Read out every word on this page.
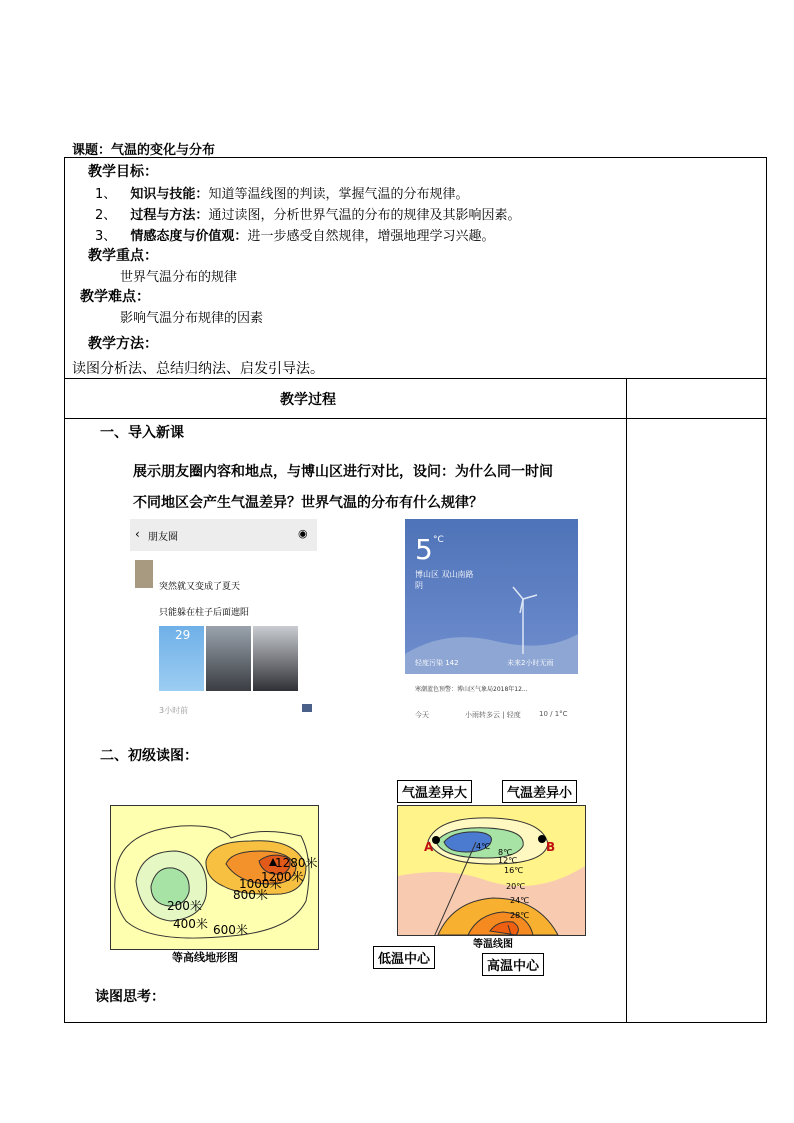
课题：气温的变化与分布
教学目标：
1、 知识与技能：知道等温线图的判读，掌握气温的分布规律。
2、 过程与方法：通过读图，分析世界气温的分布的规律及其影响因素。
3、 情感态度与价值观：进一步感受自然规律，增强地理学习兴趣。
教学重点：
世界气温分布的规律
教学难点：
影响气温分布规律的因素
教学方法：
读图分析法、总结归纳法、启发引导法。
教学过程
一、导入新课
展示朋友圈内容和地点，与博山区进行对比，设问：为什么同一时间
不同地区会产生气温差异？世界气温的分布有什么规律？
‹ 朋友圈	◉
突然就又变成了夏天
只能躲在柱子后面遮阳
29
3小时前
5 °C
博山区 双山南路
阴
轻度污染 142	未来2小时无雨
寒潮蓝色预警：博山区气象局2018年12...
今天	小雨转多云 | 轻度	10 / 1°C
二、初级读图：
200米
400米 600米
800米
1000米
1200米
1280米
等高线地形图
A	B
4℃
8℃
12℃
16℃
20℃
24℃
28℃
气温差异大	气温差异小
低温中心	高温中心
等温线图
读图思考：
